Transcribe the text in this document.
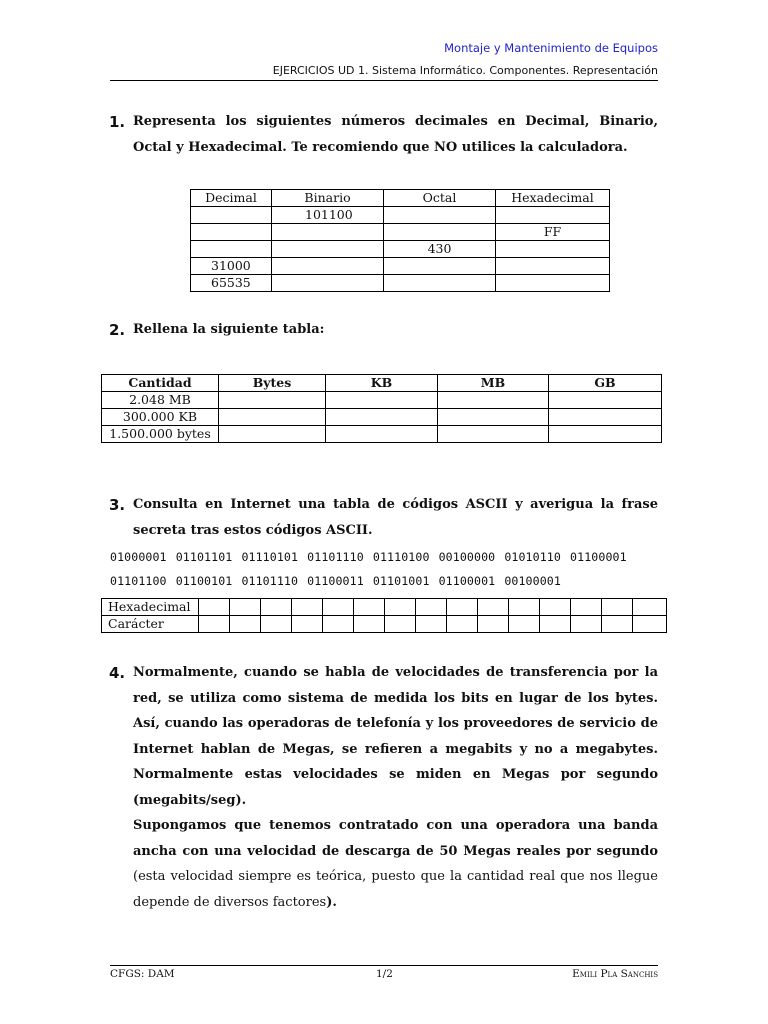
Montaje y Mantenimiento de Equipos
EJERCICIOS UD 1. Sistema Informático. Componentes. Representación
1. Representa los siguientes números decimales en Decimal, Binario, Octal y Hexadecimal. Te recomiendo que NO utilices la calculadora.
Decimal	Binario	Octal	Hexadecimal
	101100		
			FF
		430	
31000			
65535			
2. Rellena la siguiente tabla:
Cantidad	Bytes	KB	MB	GB
2.048 MB				
300.000 KB				
1.500.000 bytes				
3. Consulta en Internet una tabla de códigos ASCII y averigua la frase secreta tras estos códigos ASCII.
01000001 01101101 01110101 01101110 01110100 00100000 01010110 01100001
01101100 01100101 01101110 01100011 01101001 01100001 00100001
Hexadecimal															
Carácter															
4. Normalmente, cuando se habla de velocidades de transferencia por la red, se utiliza como sistema de medida los bits en lugar de los bytes. Así, cuando las operadoras de telefonía y los proveedores de servicio de Internet hablan de Megas, se refieren a megabits y no a megabytes. Normalmente estas velocidades se miden en Megas por segundo (megabits/seg).
Supongamos que tenemos contratado con una operadora una banda ancha con una velocidad de descarga de 50 Megas reales por segundo (esta velocidad siempre es teórica, puesto que la cantidad real que nos llegue depende de diversos factores).
CFGS: DAM	1/2	Emili Pla Sanchis
